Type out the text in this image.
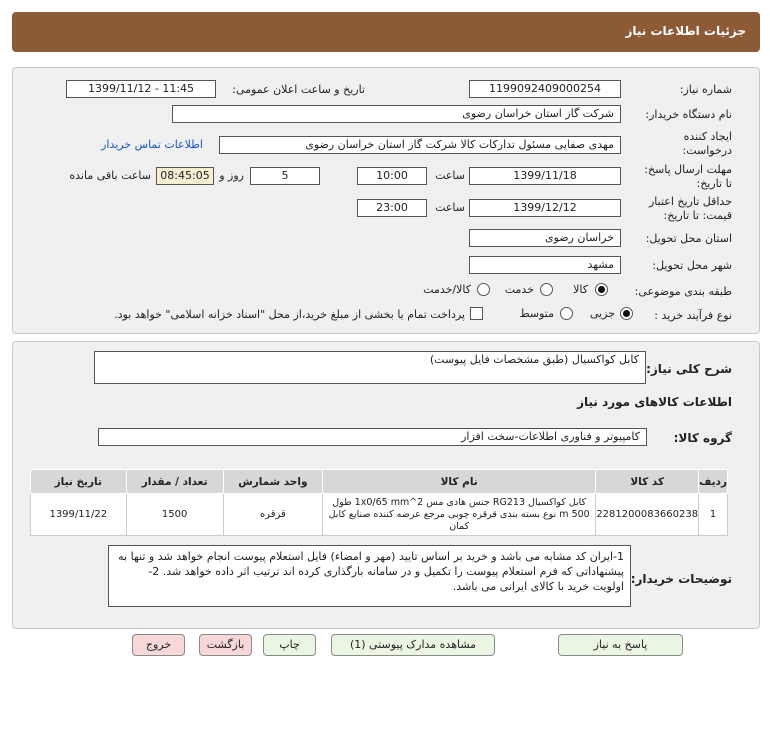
جزئیات اطلاعات نیاز
شماره نیاز:
1199092409000254
تاریخ و ساعت اعلان عمومی:
1399/11/12 - 11:45
نام دستگاه خریدار:
شرکت گاز استان خراسان رضوی
ایجاد کننده
درخواست:
مهدی صفایی مسئول تدارکات کالا شرکت گاز استان خراسان رضوی
اطلاعات تماس خریدار
مهلت ارسال پاسخ:
تا تاریخ:
1399/11/18
ساعت
10:00
5
روز و
08:45:05
ساعت باقی مانده
حداقل تاریخ اعتبار
قیمت: تا تاریخ:
1399/12/12
ساعت
23:00
استان محل تحویل:
خراسان رضوی
شهر محل تحویل:
مشهد
طبقه بندی موضوعی:
کالا
خدمت
کالا/خدمت
نوع فرآیند خرید :
جزیی
متوسط
پرداخت تمام یا بخشی از مبلغ خرید،از محل "اسناد خزانه اسلامی" خواهد بود.
شرح کلی نیاز:
کابل کواکسیال (طبق مشخصات فایل پیوست)
اطلاعات کالاهای مورد نیاز
گروه کالا:
کامپیوتر و فناوری اطلاعات-سخت افزار
ردیف	کد کالا	نام کالا	واحد شمارش	تعداد / مقدار	تاریخ نیاز
1	2281200083660238	کابل کواکسیال RG213 جنس هادی مس 2^1x0/65 mm طول 500 m نوع بسته بندی قرقره چوبی مرجع عرضه کننده صنایع کابل کمان	قرقره	1500	1399/11/22
توضیحات خریدار:
1-ایران کد مشابه می باشد و خرید بر اساس تایید (مهر و امضاء) فایل استعلام پیوست انجام خواهد شد و تنها به پیشنهاداتی که فرم استعلام پیوست را تکمیل و در سامانه بارگذاری کرده اند ترتیب اثر داده خواهد شد. 2- اولویت خرید با کالای ایرانی می باشد.
پاسخ به نیاز
مشاهده مدارک پیوستی (1)
چاپ
بازگشت
خروج
